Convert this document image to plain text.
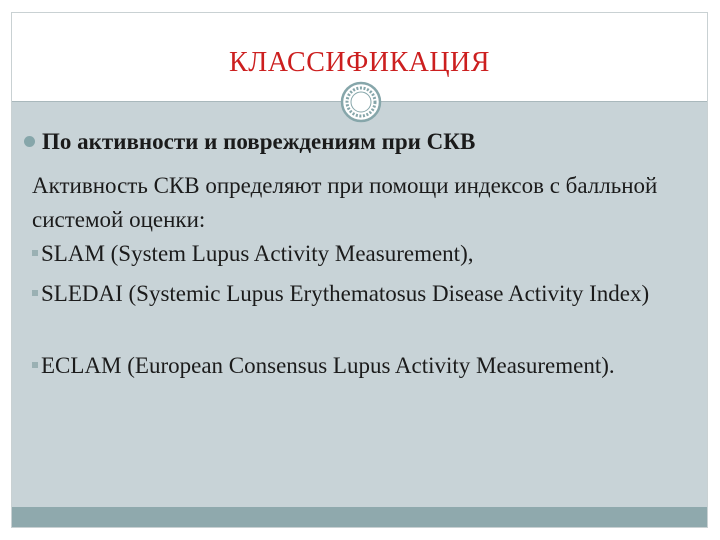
КЛАССИФИКАЦИЯ
По активности и повреждениям при СКВ
Активность СКВ определяют при помощи индексов с балльной системой оценки:
SLAM (System Lupus Activity Measurement),
SLEDAI (Systemic Lupus Erythematosus Disease Activity Index)
ECLAM (European Consensus Lupus Activity Measurement).
